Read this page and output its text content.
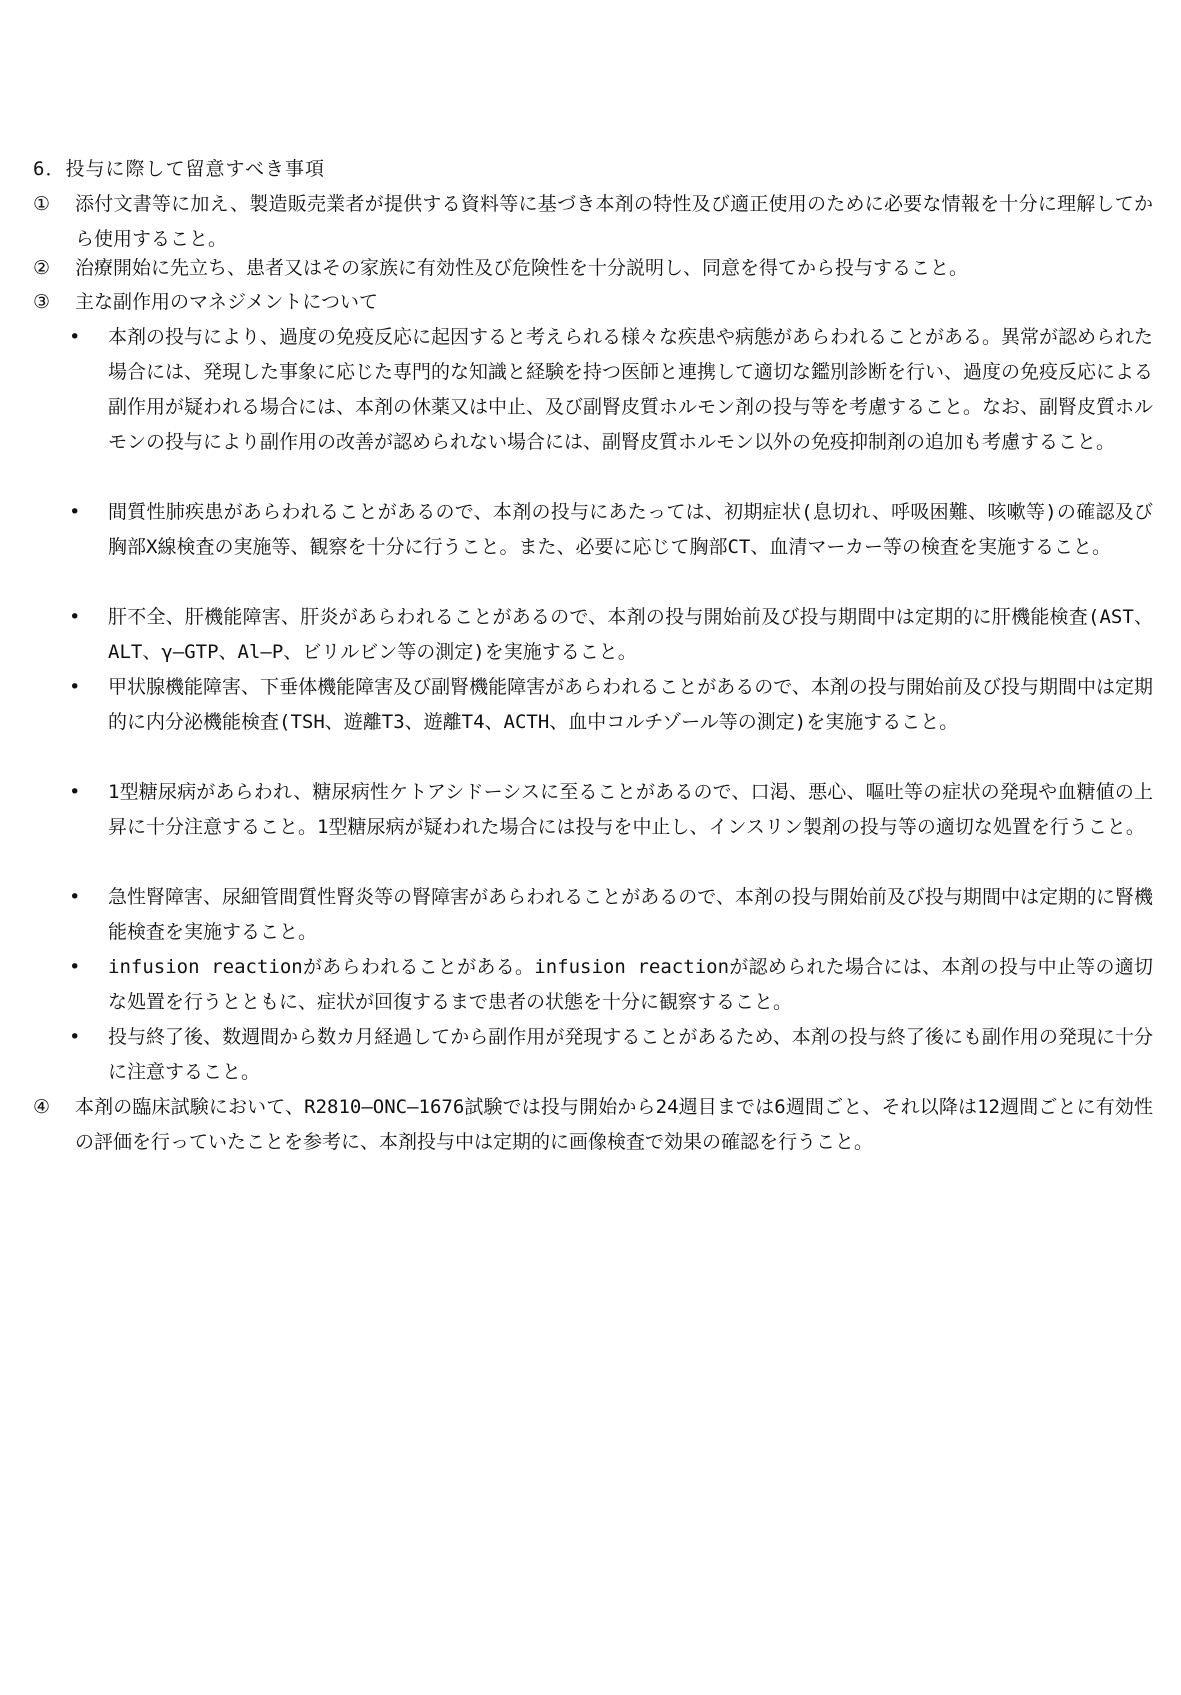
6．投与に際して留意すべき事項
①	添付文書等に加え、製造販売業者が提供する資料等に基づき本剤の特性及び適正使用のために必要な情報を十分に理解してから使用すること。
②	治療開始に先立ち、患者又はその家族に有効性及び危険性を十分説明し、同意を得てから投与すること。
③	主な副作用のマネジメントについて
•	本剤の投与により、過度の免疫反応に起因すると考えられる様々な疾患や病態があらわれることがある。異常が認められた場合には、発現した事象に応じた専門的な知識と経験を持つ医師と連携して適切な鑑別診断を行い、過度の免疫反応による副作用が疑われる場合には、本剤の休薬又は中止、及び副腎皮質ホルモン剤の投与等を考慮すること。なお、副腎皮質ホルモンの投与により副作用の改善が認められない場合には、副腎皮質ホルモン以外の免疫抑制剤の追加も考慮すること。
•	間質性肺疾患があらわれることがあるので、本剤の投与にあたっては、初期症状(息切れ、呼吸困難、咳嗽等)の確認及び胸部X線検査の実施等、観察を十分に行うこと。また、必要に応じて胸部CT、血清マーカー等の検査を実施すること。
•	肝不全、肝機能障害、肝炎があらわれることがあるので、本剤の投与開始前及び投与期間中は定期的に肝機能検査(AST、ALT、γ―GTP、Al―P、ビリルビン等の測定)を実施すること。
•	甲状腺機能障害、下垂体機能障害及び副腎機能障害があらわれることがあるので、本剤の投与開始前及び投与期間中は定期的に内分泌機能検査(TSH、遊離T3、遊離T4、ACTH、血中コルチゾール等の測定)を実施すること。
•	1型糖尿病があらわれ、糖尿病性ケトアシドーシスに至ることがあるので、口渇、悪心、嘔吐等の症状の発現や血糖値の上昇に十分注意すること。1型糖尿病が疑われた場合には投与を中止し、インスリン製剤の投与等の適切な処置を行うこと。
•	急性腎障害、尿細管間質性腎炎等の腎障害があらわれることがあるので、本剤の投与開始前及び投与期間中は定期的に腎機能検査を実施すること。
•	infusion reactionがあらわれることがある。infusion reactionが認められた場合には、本剤の投与中止等の適切な処置を行うとともに、症状が回復するまで患者の状態を十分に観察すること。
•	投与終了後、数週間から数カ月経過してから副作用が発現することがあるため、本剤の投与終了後にも副作用の発現に十分に注意すること。
④	本剤の臨床試験において、R2810―ONC―1676試験では投与開始から24週目までは6週間ごと、それ以降は12週間ごとに有効性の評価を行っていたことを参考に、本剤投与中は定期的に画像検査で効果の確認を行うこと。
